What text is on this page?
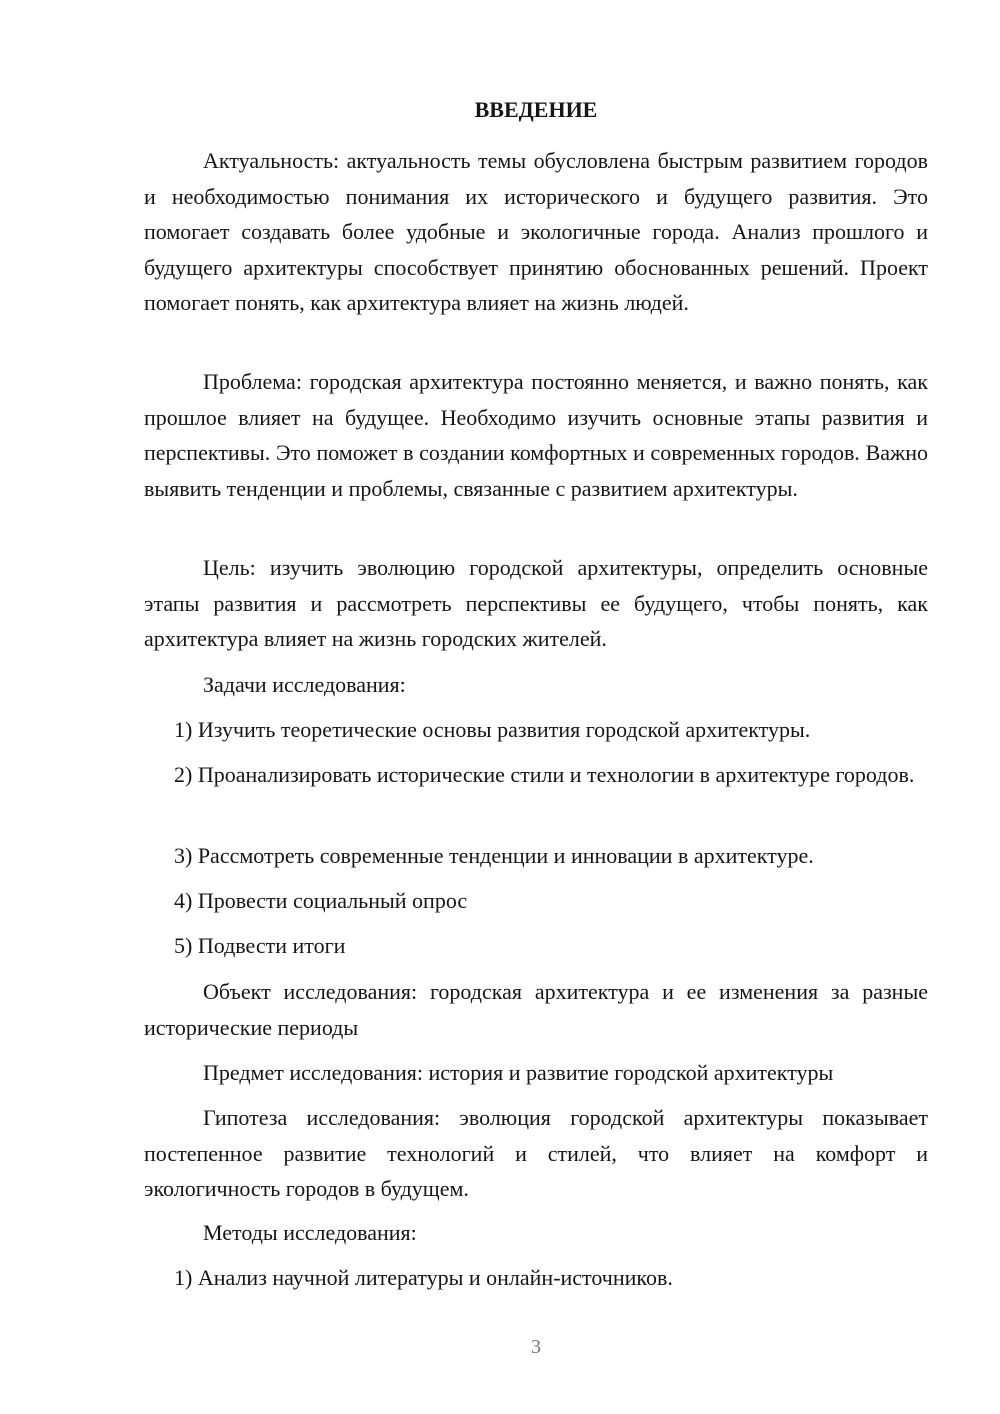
ВВЕДЕНИЕ

Актуальность: актуальность темы обусловлена быстрым развитием городов и необходимостью понимания их исторического и будущего развития. Это помогает создавать более удобные и экологичные города. Анализ прошлого и будущего архитектуры способствует принятию обоснованных решений. Проект помогает понять, как архитектура влияет на жизнь людей.

Проблема: городская архитектура постоянно меняется, и важно понять, как прошлое влияет на будущее. Необходимо изучить основные этапы развития и перспективы. Это поможет в создании комфортных и современных городов. Важно выявить тенденции и проблемы, связанные с развитием архитектуры.

Цель: изучить эволюцию городской архитектуры, определить основные этапы развития и рассмотреть перспективы ее будущего, чтобы понять, как архитектура влияет на жизнь городских жителей.

Задачи исследования:

1) Изучить теоретические основы развития городской архитектуры.

2) Проанализировать исторические стили и технологии в архитектуре городов.

3) Рассмотреть современные тенденции и инновации в архитектуре.

4) Провести социальный опрос

5) Подвести итоги

Объект исследования: городская архитектура и ее изменения за разные исторические периоды

Предмет исследования: история и развитие городской архитектуры

Гипотеза исследования: эволюция городской архитектуры показывает постепенное развитие технологий и стилей, что влияет на комфорт и экологичность городов в будущем.

Методы исследования:

1) Анализ научной литературы и онлайн-источников.

3
